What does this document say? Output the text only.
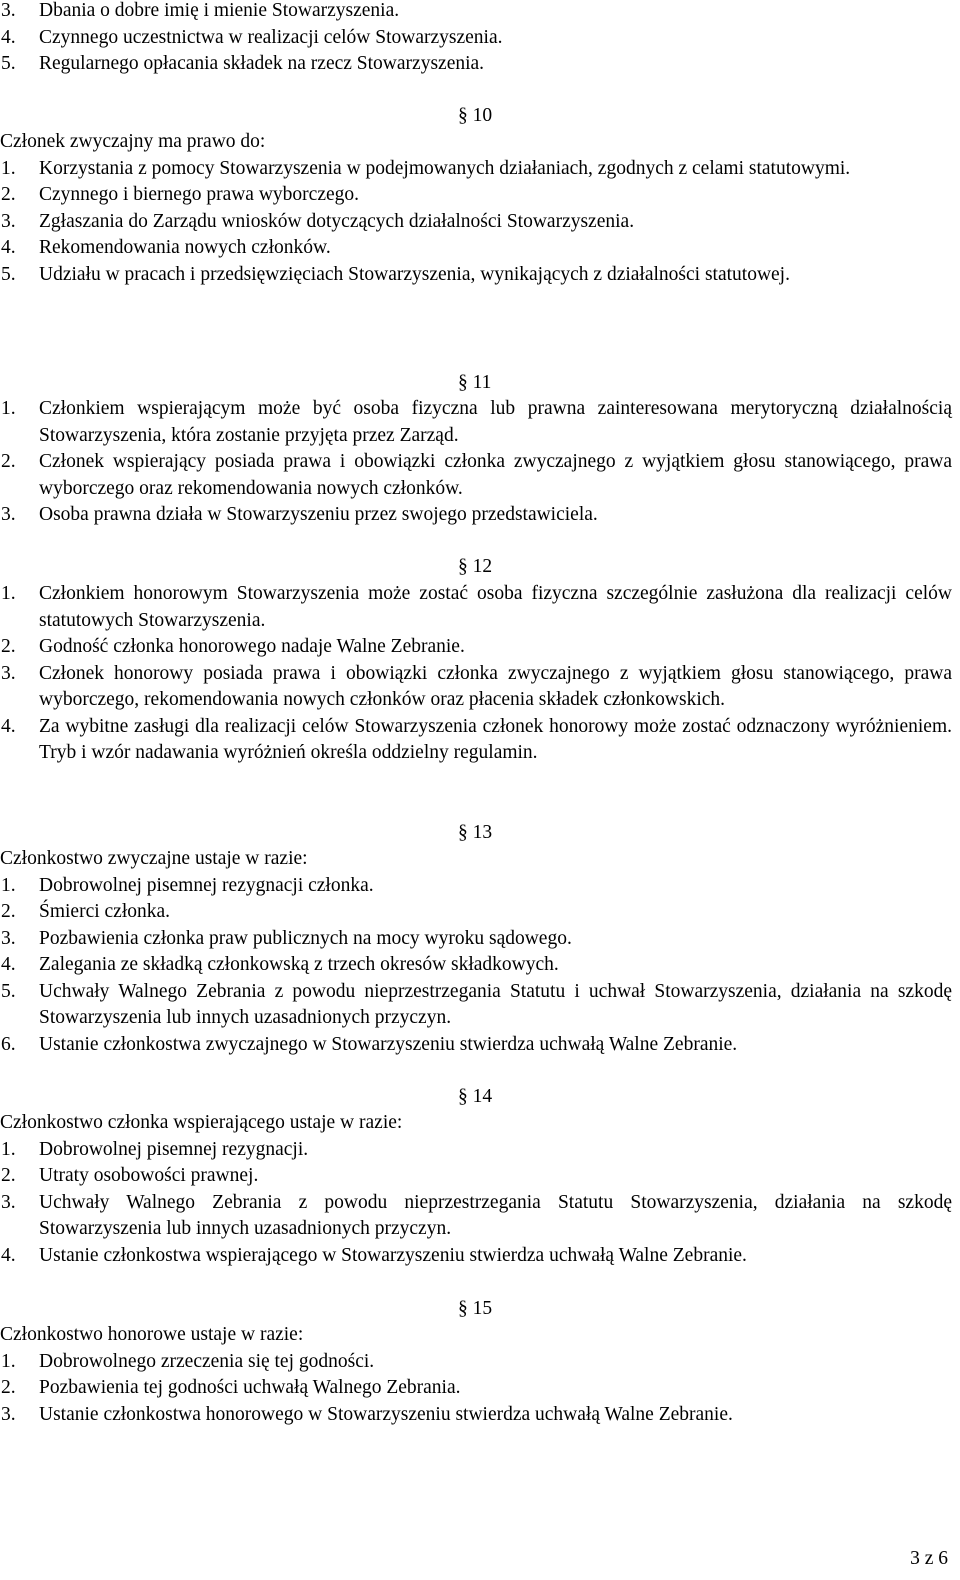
3.	Dbania o dobre imię i mienie Stowarzyszenia.
4.	Czynnego uczestnictwa w realizacji celów Stowarzyszenia.
5.	Regularnego opłacania składek na rzecz Stowarzyszenia.
§ 10

Członek zwyczajny ma prawo do:

1.	Korzystania z pomocy Stowarzyszenia w podejmowanych działaniach, zgodnych z celami statutowymi.
2.	Czynnego i biernego prawa wyborczego.
3.	Zgłaszania do Zarządu wniosków dotyczących działalności Stowarzyszenia.
4.	Rekomendowania nowych członków.
5.	Udziału w pracach i przedsięwzięciach Stowarzyszenia, wynikających z działalności statutowej.
§ 11
1.	Członkiem wspierającym może być osoba fizyczna lub prawna zainteresowana merytoryczną działalnością Stowarzyszenia, która zostanie przyjęta przez Zarząd.
2.	Członek wspierający posiada prawa i obowiązki członka zwyczajnego z wyjątkiem głosu stanowiącego, prawa wyborczego oraz rekomendowania nowych członków.
3.	Osoba prawna działa w Stowarzyszeniu przez swojego przedstawiciela.
§ 12
1.	Członkiem honorowym Stowarzyszenia może zostać osoba fizyczna szczególnie zasłużona dla realizacji celów statutowych Stowarzyszenia.
2.	Godność członka honorowego nadaje Walne Zebranie.
3.	Członek honorowy posiada prawa i obowiązki członka zwyczajnego z wyjątkiem głosu stanowiącego, prawa wyborczego, rekomendowania nowych członków oraz płacenia składek członkowskich.
4.	Za wybitne zasługi dla realizacji celów Stowarzyszenia członek honorowy może zostać odznaczony wyróżnieniem. Tryb i wzór nadawania wyróżnień określa oddzielny regulamin.
§ 13

Członkostwo zwyczajne ustaje w razie:

1.	Dobrowolnej pisemnej rezygnacji członka.
2.	Śmierci członka.
3.	Pozbawienia członka praw publicznych na mocy wyroku sądowego.
4.	Zalegania ze składką członkowską z trzech okresów składkowych.
5.	Uchwały Walnego Zebrania z powodu nieprzestrzegania Statutu i uchwał Stowarzyszenia, działania na szkodę Stowarzyszenia lub innych uzasadnionych przyczyn.
6.	Ustanie członkostwa zwyczajnego w Stowarzyszeniu stwierdza uchwałą Walne Zebranie.
§ 14

Członkostwo członka wspierającego ustaje w razie:

1.	Dobrowolnej pisemnej rezygnacji.
2.	Utraty osobowości prawnej.
3.	Uchwały Walnego Zebrania z powodu nieprzestrzegania Statutu Stowarzyszenia, działania na szkodę Stowarzyszenia lub innych uzasadnionych przyczyn.
4.	Ustanie członkostwa wspierającego w Stowarzyszeniu stwierdza uchwałą Walne Zebranie.
§ 15

Członkostwo honorowe ustaje w razie:

1.	Dobrowolnego zrzeczenia się tej godności.
2.	Pozbawienia tej godności uchwałą Walnego Zebrania.
3.	Ustanie członkostwa honorowego w Stowarzyszeniu stwierdza uchwałą Walne Zebranie.
3 z 6
